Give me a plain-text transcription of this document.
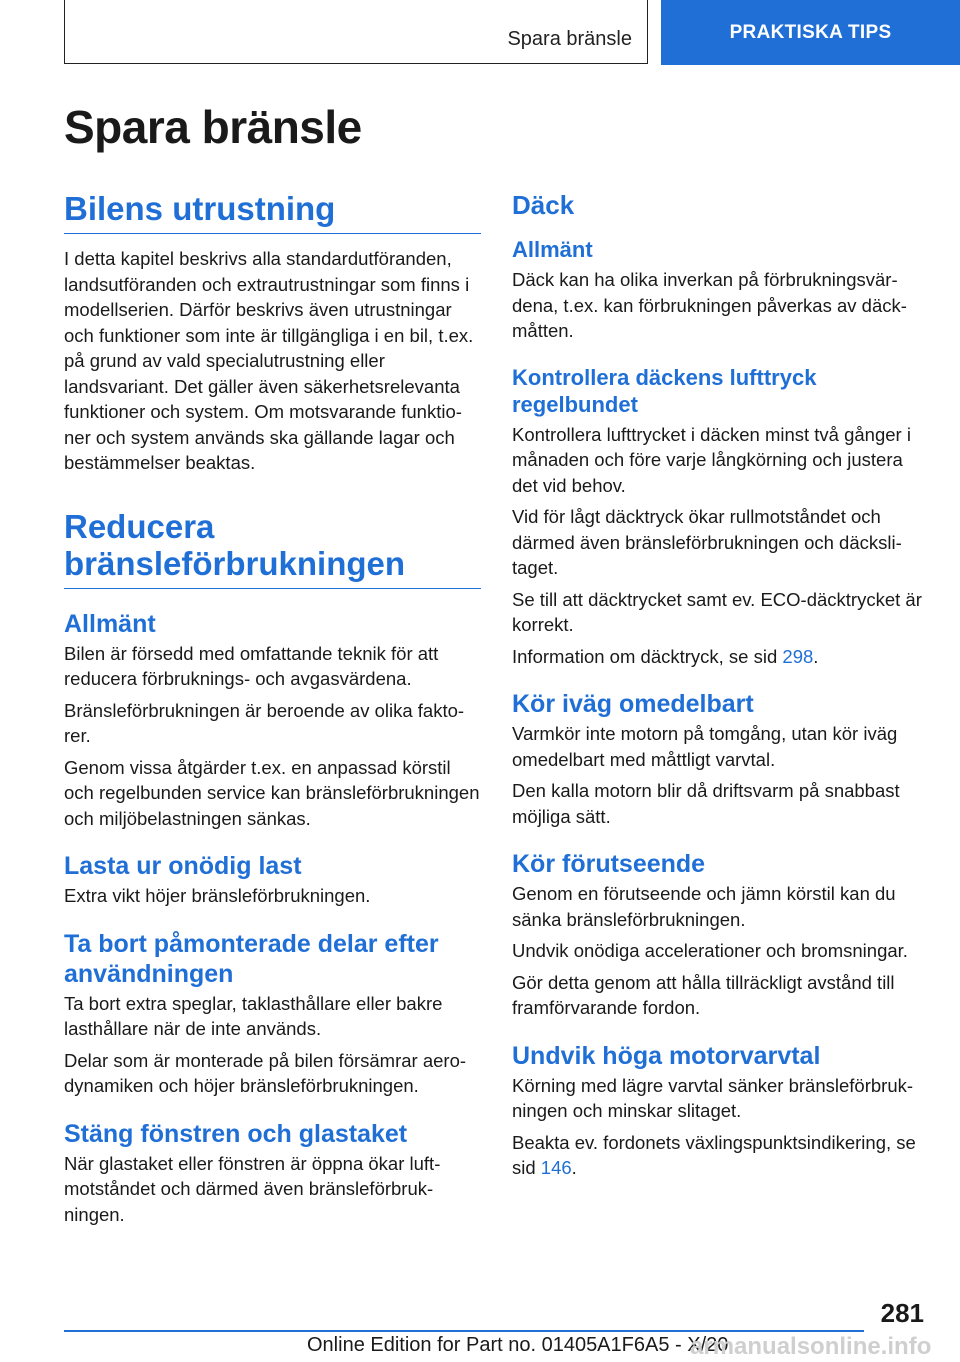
Spara bränsle	PRAKTISKA TIPS
Spara bränsle
Bilens utrustning

I detta kapitel beskrivs alla standardutföranden, landsutföranden och extrautrustningar som finns i modellserien. Därför beskrivs även utrustningar och funktioner som inte är tillgängliga i en bil, t.ex. på grund av vald specialutrustning eller landsvariant. Det gäller även säkerhetsrelevanta funktioner och system. Om motsvarande funktioner och system används ska gällande lagar och bestämmelser beaktas.

Reducera bränsleförbrukningen
Allmänt

Bilen är försedd med omfattande teknik för att reducera förbruknings- och avgasvärdena.

Bränsleförbrukningen är beroende av olika faktorer.

Genom vissa åtgärder t.ex. en anpassad körstil och regelbunden service kan bränsleförbrukningen och miljöbelastningen sänkas.

Lasta ur onödig last

Extra vikt höjer bränsleförbrukningen.

Ta bort påmonterade delar efter användningen

Ta bort extra speglar, taklasthållare eller bakre lasthållare när de inte används.

Delar som är monterade på bilen försämrar aerodynamiken och höjer bränsleförbrukningen.

Stäng fönstren och glastaket

När glastaket eller fönstren är öppna ökar luftmotståndet och därmed även bränsleförbrukningen.

Däck
Allmänt

Däck kan ha olika inverkan på förbrukningsvärdena, t.ex. kan förbrukningen påverkas av däckmåtten.

Kontrollera däckens lufttryck regelbundet

Kontrollera lufttrycket i däcken minst två gånger i månaden och före varje långkörning och justera det vid behov.

Vid för lågt däcktryck ökar rullmotståndet och därmed även bränsleförbrukningen och däckslitaget.

Se till att däcktrycket samt ev. ECO-däcktrycket är korrekt.

Information om däcktryck, se sid 298.

Kör iväg omedelbart

Varmkör inte motorn på tomgång, utan kör iväg omedelbart med måttligt varvtal.

Den kalla motorn blir då driftsvarm på snabbast möjliga sätt.

Kör förutseende

Genom en förutseende och jämn körstil kan du sänka bränsleförbrukningen.

Undvik onödiga accelerationer och bromsningar.

Gör detta genom att hålla tillräckligt avstånd till framförvarande fordon.

Undvik höga motorvarvtal

Körning med lägre varvtal sänker bränsleförbrukningen och minskar slitaget.

Beakta ev. fordonets växlingspunktsindikering, se sid 146.

281
Online Edition for Part no. 01405A1F6A5 - X/20
armanualsonline.info
